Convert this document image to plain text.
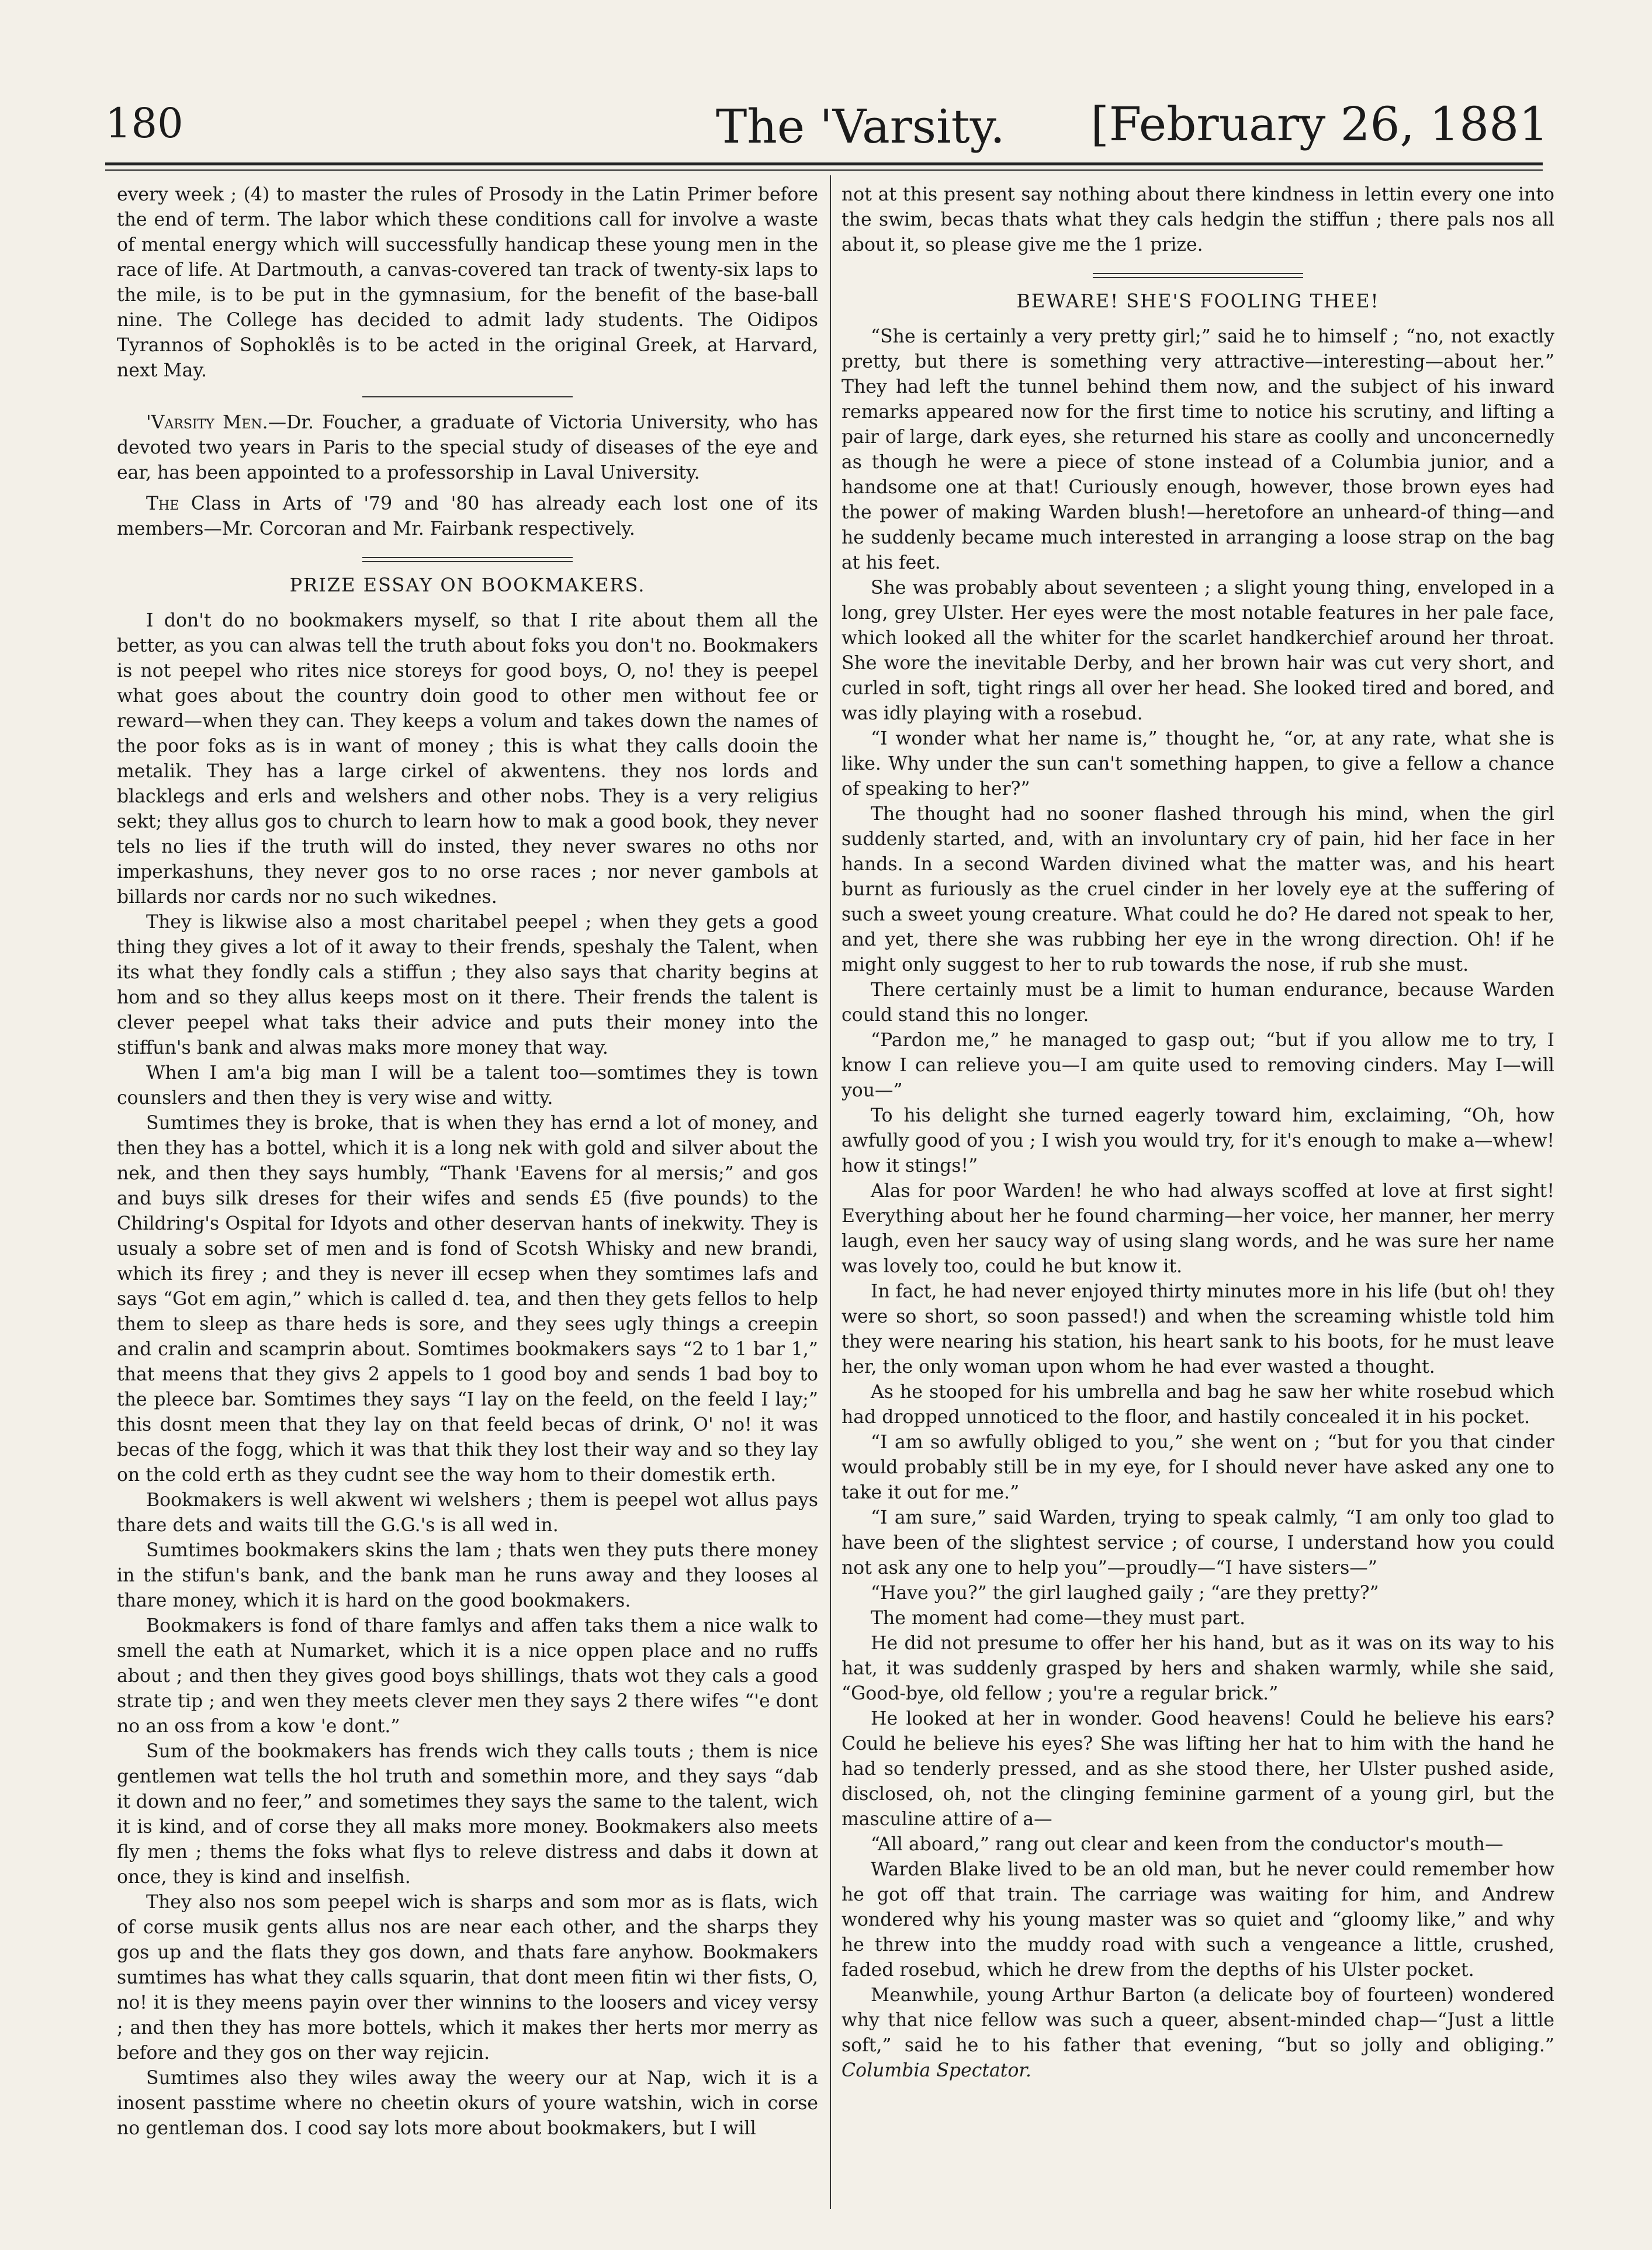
180	The 'Varsity. [February 26, 1881

every week ; (4) to master the rules of Prosody in the Latin Primer before the end of term. The labor which these conditions call for involve a waste of mental energy which will successfully handicap these young men in the race of life. At Dartmouth, a canvas-covered tan track of twenty-six laps to the mile, is to be put in the gymnasium, for the benefit of the base-ball nine. The College has decided to admit lady students. The Oidipos Tyrannos of Sophoklês is to be acted in the original Greek, at Harvard, next May.

'Varsity Men.—Dr. Foucher, a graduate of Victoria University, who has devoted two years in Paris to the special study of diseases of the eye and ear, has been appointed to a professorship in Laval University.

The Class in Arts of '79 and '80 has already each lost one of its members—Mr. Corcoran and Mr. Fairbank respectively.

PRIZE ESSAY ON BOOKMAKERS.

I don't do no bookmakers myself, so that I rite about them all the better, as you can alwas tell the truth about foks you don't no. Bookmakers is not peepel who rites nice storeys for good boys, O, no! they is peepel what goes about the country doin good to other men without fee or reward—when they can. They keeps a volum and takes down the names of the poor foks as is in want of money ; this is what they calls dooin the metalik. They has a large cirkel of akwentens. they nos lords and blacklegs and erls and welshers and other nobs. They is a very religius sekt; they allus gos to church to learn how to mak a good book, they never tels no lies if the truth will do insted, they never swares no oths nor imperkashuns, they never gos to no orse races ; nor never gambols at billards nor cards nor no such wikednes.

They is likwise also a most charitabel peepel ; when they gets a good thing they gives a lot of it away to their frends, speshaly the Talent, when its what they fondly cals a stiffun ; they also says that charity begins at hom and so they allus keeps most on it there. Their frends the talent is clever peepel what taks their advice and puts their money into the stiffun's bank and alwas maks more money that way.

When I am'a big man I will be a talent too—somtimes they is town counslers and then they is very wise and witty.

Sumtimes they is broke, that is when they has ernd a lot of money, and then they has a bottel, which it is a long nek with gold and silver about the nek, and then they says humbly, “Thank 'Eavens for al mersis;” and gos and buys silk dreses for their wifes and sends £5 (five pounds) to the Childring's Ospital for Idyots and other deservan hants of inekwity. They is usualy a sobre set of men and is fond of Scotsh Whisky and new brandi, which its firey ; and they is never ill ecsep when they somtimes lafs and says “Got em agin,” which is called d. tea, and then they gets fellos to help them to sleep as thare heds is sore, and they sees ugly things a creepin and cralin and scamprin about. Somtimes bookmakers says “2 to 1 bar 1,” that meens that they givs 2 appels to 1 good boy and sends 1 bad boy to the pleece bar. Somtimes they says “I lay on the feeld, on the feeld I lay;” this dosnt meen that they lay on that feeld becas of drink, O' no! it was becas of the fogg, which it was that thik they lost their way and so they lay on the cold erth as they cudnt see the way hom to their domestik erth.

Bookmakers is well akwent wi welshers ; them is peepel wot allus pays thare dets and waits till the G.G.'s is all wed in.

Sumtimes bookmakers skins the lam ; thats wen they puts there money in the stifun's bank, and the bank man he runs away and they looses al thare money, which it is hard on the good bookmakers.

Bookmakers is fond of thare famlys and affen taks them a nice walk to smell the eath at Numarket, which it is a nice oppen place and no ruffs about ; and then they gives good boys shillings, thats wot they cals a good strate tip ; and wen they meets clever men they says 2 there wifes “'e dont no an oss from a kow 'e dont.”

Sum of the bookmakers has frends wich they calls touts ; them is nice gentlemen wat tells the hol truth and somethin more, and they says “dab it down and no feer,” and sometimes they says the same to the talent, wich it is kind, and of corse they all maks more money. Bookmakers also meets fly men ; thems the foks what flys to releve distress and dabs it down at once, they is kind and inselfish.

They also nos som peepel wich is sharps and som mor as is flats, wich of corse musik gents allus nos are near each other, and the sharps they gos up and the flats they gos down, and thats fare anyhow. Bookmakers sumtimes has what they calls squarin, that dont meen fitin wi ther fists, O, no! it is they meens payin over ther winnins to the loosers and vicey versy ; and then they has more bottels, which it makes ther herts mor merry as before and they gos on ther way rejicin.

Sumtimes also they wiles away the weery our at Nap, wich it is a inosent passtime where no cheetin okurs of youre watshin, wich in corse no gentleman dos. I cood say lots more about bookmakers, but I will

not at this present say nothing about there kindness in lettin every one into the swim, becas thats what they cals hedgin the stiffun ; there pals nos all about it, so please give me the 1 prize.

BEWARE! SHE'S FOOLING THEE!

“She is certainly a very pretty girl;” said he to himself ; “no, not exactly pretty, but there is something very attractive—interesting—about her.” They had left the tunnel behind them now, and the subject of his inward remarks appeared now for the first time to notice his scrutiny, and lifting a pair of large, dark eyes, she returned his stare as coolly and unconcernedly as though he were a piece of stone instead of a Columbia junior, and a handsome one at that! Curiously enough, however, those brown eyes had the power of making Warden blush!—heretofore an unheard-of thing—and he suddenly became much interested in arranging a loose strap on the bag at his feet.

She was probably about seventeen ; a slight young thing, enveloped in a long, grey Ulster. Her eyes were the most notable features in her pale face, which looked all the whiter for the scarlet handkerchief around her throat. She wore the inevitable Derby, and her brown hair was cut very short, and curled in soft, tight rings all over her head. She looked tired and bored, and was idly playing with a rosebud.

“I wonder what her name is,” thought he, “or, at any rate, what she is like. Why under the sun can't something happen, to give a fellow a chance of speaking to her?”

The thought had no sooner flashed through his mind, when the girl suddenly started, and, with an involuntary cry of pain, hid her face in her hands. In a second Warden divined what the matter was, and his heart burnt as furiously as the cruel cinder in her lovely eye at the suffering of such a sweet young creature. What could he do? He dared not speak to her, and yet, there she was rubbing her eye in the wrong direction. Oh! if he might only suggest to her to rub towards the nose, if rub she must.

There certainly must be a limit to human endurance, because Warden could stand this no longer.

“Pardon me,” he managed to gasp out; “but if you allow me to try, I know I can relieve you—I am quite used to removing cinders. May I—will you—”

To his delight she turned eagerly toward him, exclaiming, “Oh, how awfully good of you ; I wish you would try, for it's enough to make a—whew! how it stings!”

Alas for poor Warden! he who had always scoffed at love at first sight! Everything about her he found charming—her voice, her manner, her merry laugh, even her saucy way of using slang words, and he was sure her name was lovely too, could he but know it.

In fact, he had never enjoyed thirty minutes more in his life (but oh! they were so short, so soon passed!) and when the screaming whistle told him they were nearing his station, his heart sank to his boots, for he must leave her, the only woman upon whom he had ever wasted a thought.

As he stooped for his umbrella and bag he saw her white rosebud which had dropped unnoticed to the floor, and hastily concealed it in his pocket.

“I am so awfully obliged to you,” she went on ; “but for you that cinder would probably still be in my eye, for I should never have asked any one to take it out for me.”

“I am sure,” said Warden, trying to speak calmly, “I am only too glad to have been of the slightest service ; of course, I understand how you could not ask any one to help you”—proudly—“I have sisters—”

“Have you?” the girl laughed gaily ; “are they pretty?”

The moment had come—they must part.

He did not presume to offer her his hand, but as it was on its way to his hat, it was suddenly grasped by hers and shaken warmly, while she said, “Good-bye, old fellow ; you're a regular brick.”

He looked at her in wonder. Good heavens! Could he believe his ears? Could he believe his eyes? She was lifting her hat to him with the hand he had so tenderly pressed, and as she stood there, her Ulster pushed aside, disclosed, oh, not the clinging feminine garment of a young girl, but the masculine attire of a—

“All aboard,” rang out clear and keen from the conductor's mouth—

Warden Blake lived to be an old man, but he never could remember how he got off that train. The carriage was waiting for him, and Andrew wondered why his young master was so quiet and “gloomy like,” and why he threw into the muddy road with such a vengeance a little, crushed, faded rosebud, which he drew from the depths of his Ulster pocket.

Meanwhile, young Arthur Barton (a delicate boy of fourteen) wondered why that nice fellow was such a queer, absent-minded chap—“Just a little soft,” said he to his father that evening, “but so jolly and obliging.” Columbia Spectator.
